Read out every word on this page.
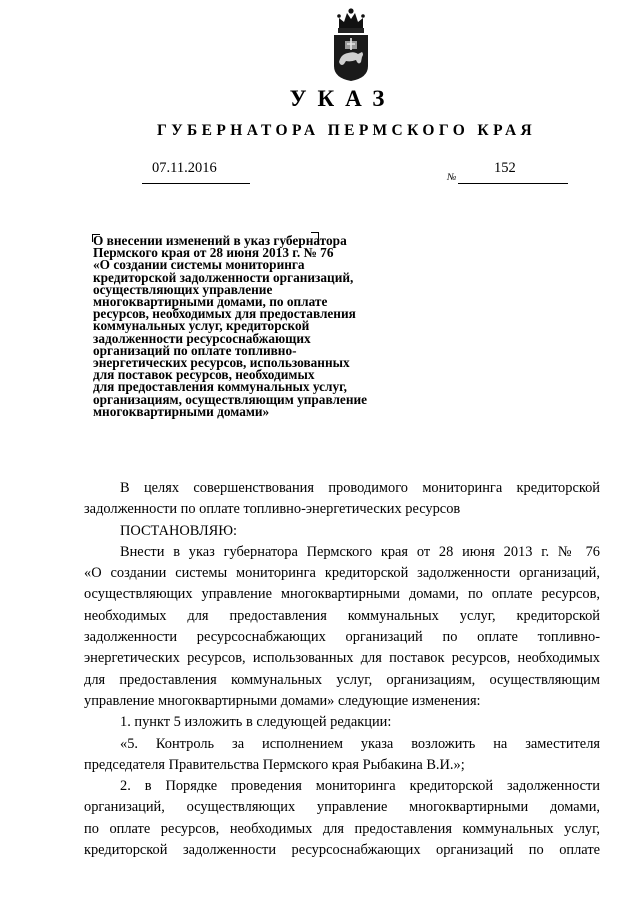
УКАЗ
ГУБЕРНАТОРА ПЕРМСКОГО КРАЯ
07.11.2016
№
152
О внесении изменений в указ губернатора
Пермского края от 28 июня 2013 г. № 76
«О создании системы мониторинга
кредиторской задолженности организаций,
осуществляющих управление
многоквартирными домами, по оплате
ресурсов, необходимых для предоставления
коммунальных услуг, кредиторской
задолженности ресурсоснабжающих
организаций по оплате топливно-
энергетических ресурсов, использованных
для поставок ресурсов, необходимых
для предоставления коммунальных услуг,
организациям, осуществляющим управление
многоквартирными домами»
В целях совершенствования проводимого мониторинга кредиторской
задолженности по оплате топливно-энергетических ресурсов
ПОСТАНОВЛЯЮ:
Внести в указ губернатора Пермского края от 28 июня 2013 г. № 76
«О создании системы мониторинга кредиторской задолженности организаций,
осуществляющих управление многоквартирными домами, по оплате ресурсов,
необходимых для предоставления коммунальных услуг, кредиторской
задолженности ресурсоснабжающих организаций по оплате топливно-
энергетических ресурсов, использованных для поставок ресурсов, необходимых
для предоставления коммунальных услуг, организациям, осуществляющим
управление многоквартирными домами» следующие изменения:
1. пункт 5 изложить в следующей редакции:
«5. Контроль за исполнением указа возложить на заместителя
председателя Правительства Пермского края Рыбакина В.И.»;
2. в Порядке проведения мониторинга кредиторской задолженности
организаций, осуществляющих управление многоквартирными домами,
по оплате ресурсов, необходимых для предоставления коммунальных услуг,
кредиторской задолженности ресурсоснабжающих организаций по оплате
